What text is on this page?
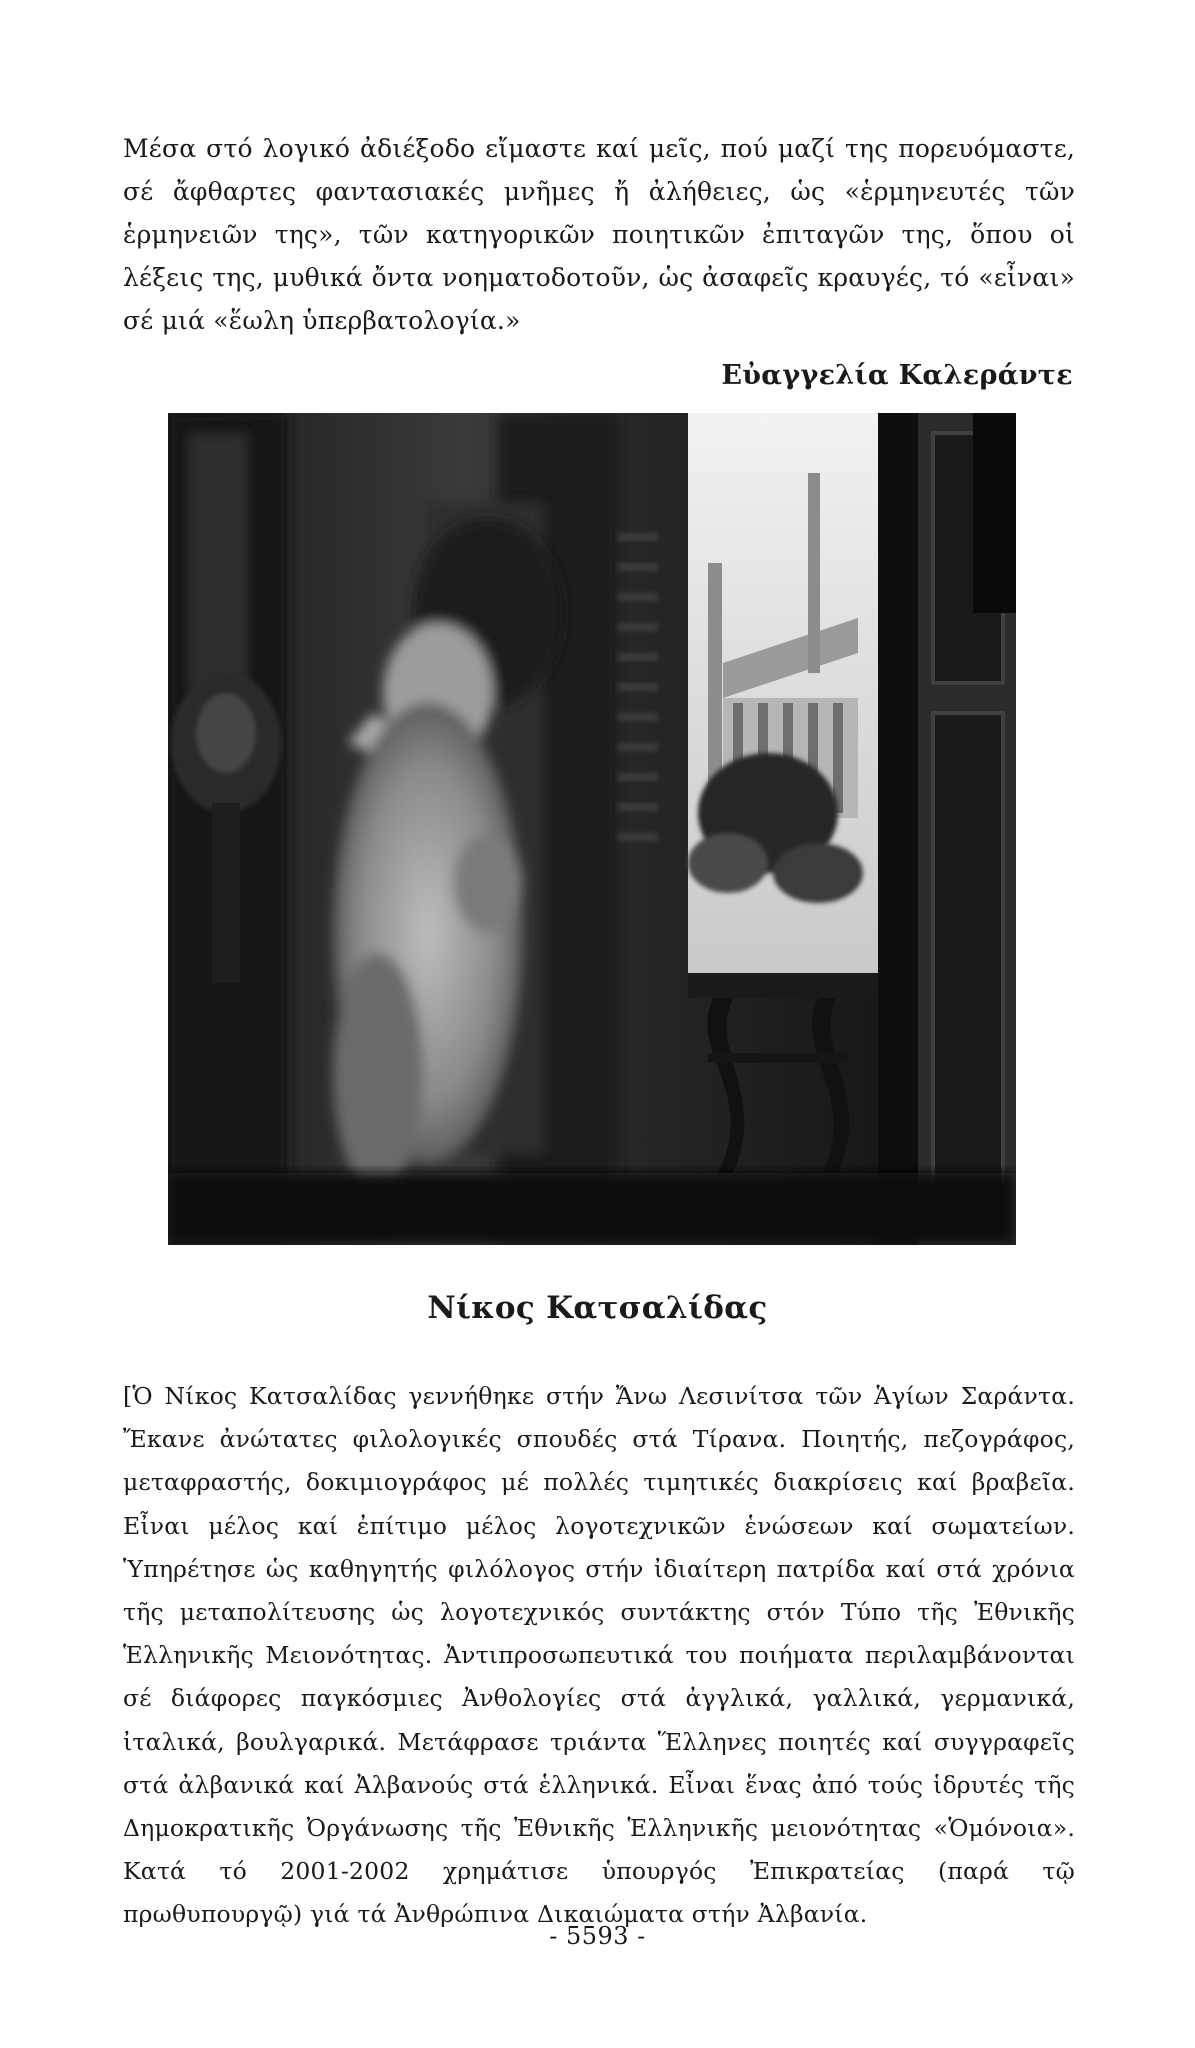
Μέσα στό λογικό ἀδιέξοδο εἴμαστε καί μεῖς, πού μαζί της πορευόμαστε, σέ ἄφθαρτες φαντασιακές μνῆμες ἤ ἀλήθειες, ὡς «ἑρμηνευτές τῶν ἑρμηνειῶν της», τῶν κατηγορικῶν ποιητικῶν ἐπιταγῶν της, ὅπου οἱ λέξεις της, μυθικά ὄντα νοηματοδοτοῦν, ὡς ἀσαφεῖς κραυγές, τό «εἶναι» σέ μιά «ἕωλη ὑπερβατολογία.»

Εὐαγγελία Καλεράντε
Νίκος Κατσαλίδας

[Ὁ Νίκος Κατσαλίδας γεννήθηκε στήν Ἄνω Λεσινίτσα τῶν Ἁγίων Σαράντα. Ἔκανε ἀνώτατες φιλολογικές σπουδές στά Τίρανα. Ποιητής, πεζογράφος, μεταφραστής, δοκιμιογράφος μέ πολλές τιμητικές διακρίσεις καί βραβεῖα. Εἶναι μέλος καί ἐπίτιμο μέλος λογοτεχνικῶν ἑνώσεων καί σωματείων. Ὑπηρέτησε ὡς καθηγητής φιλόλογος στήν ἰδιαίτερη πατρίδα καί στά χρόνια τῆς μεταπολίτευσης ὡς λογοτεχνικός συντάκτης στόν Τύπο τῆς Ἐθνικῆς Ἑλληνικῆς Μειονότητας. Ἀντιπροσωπευτικά του ποιήματα περιλαμβάνονται σέ διάφορες παγκόσμιες Ἀνθολογίες στά ἀγγλικά, γαλλικά, γερμανικά, ἰταλικά, βουλγαρικά. Μετάφρασε τριάντα Ἕλληνες ποιητές καί συγγραφεῖς στά ἀλβανικά καί Ἀλβανούς στά ἑλληνικά. Εἶναι ἕνας ἀπό τούς ἱδρυτές τῆς Δημοκρατικῆς Ὀργάνωσης τῆς Ἐθνικῆς Ἑλληνικῆς μειονότητας «Ὁμόνοια». Κατά τό 2001-2002 χρημάτισε ὑπουργός Ἐπικρατείας (παρά τῷ πρωθυπουργῷ) γιά τά Ἀνθρώπινα Δικαιώματα στήν Ἀλβανία.

- 5593 -
